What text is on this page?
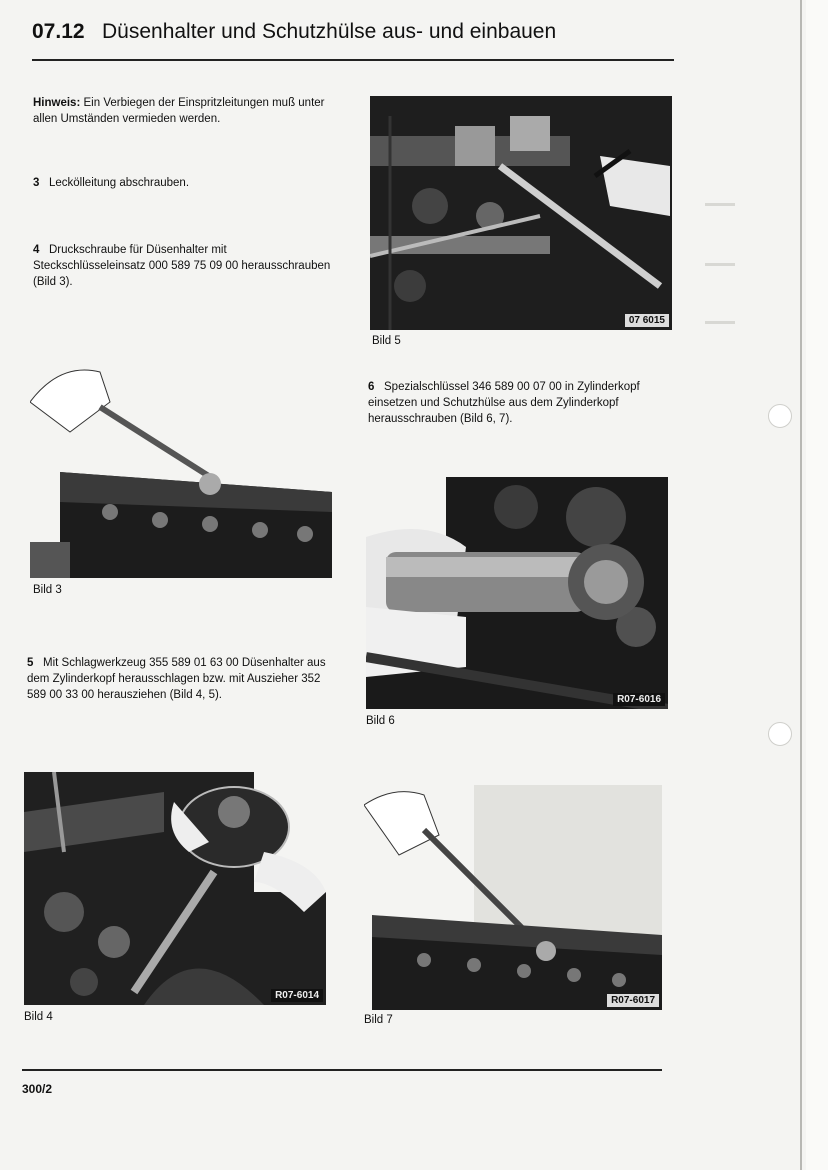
▬▬▬
▬▬▬
▬▬▬
07.12 Düsenhalter und Schutzhülse aus- und einbauen
Hinweis: Ein Verbiegen der Einspritzleitungen muß unter allen Umständen vermieden werden.
3 Leckölleitung abschrauben.
4 Druckschraube für Düsenhalter mit Steckschlüsseleinsatz 000 589 75 09 00 herausschrauben (Bild 3).
5 Mit Schlagwerkzeug 355 589 01 63 00 Düsenhalter aus dem Zylinderkopf herausschlagen bzw. mit Auszieher 352 589 00 33 00 herausziehen (Bild 4, 5).
6 Spezialschlüssel 346 589 00 07 00 in Zylinderkopf einsetzen und Schutzhülse aus dem Zylinderkopf herausschrauben (Bild 6, 7).
07 6015
Bild 5
Bild 3
R07-6016
Bild 6
R07-6014
Bild 4
R07-6017
Bild 7
300/2
